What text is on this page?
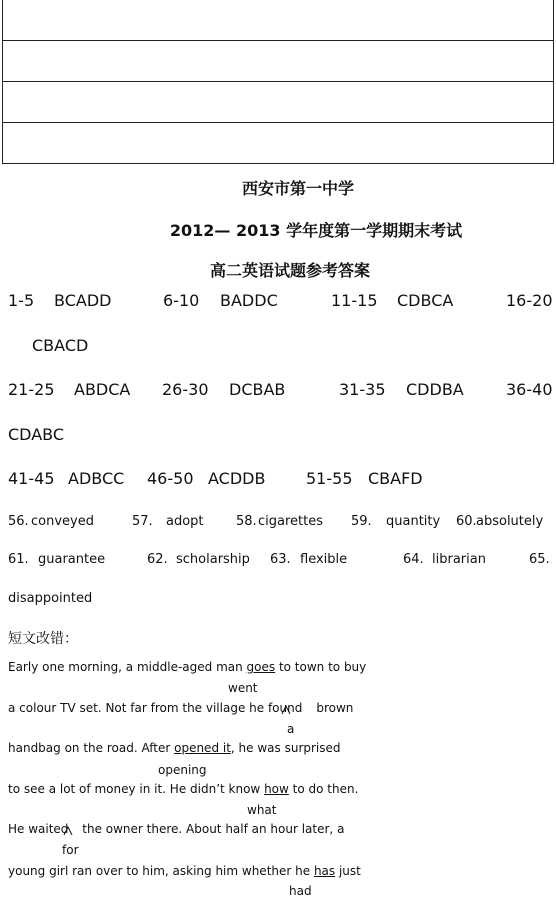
西安市第一中学
2012— 2013 学年度第一学期期末考试
高二英语试题参考答案
1-5 BCADD	6-10 BADDC	11-15 CDBCA	16-20
CBACD
21-25 ABDCA 26-30 DCBAB	31-35 CDDBA	36-40
CDABC
41-45 ADBCC 46-50 ACDDB	51-55 CBAFD
56. conveyed	57. adopt 58. cigarettes 59. quantity 60. absolutely
61. guarantee	62. scholarship 63. flexible	64. librarian	65.
disappointed
短文改错：
Early one morning, a middle-aged man goes to town to buy
went
a colour TV set. Not far from the village he found brown
a
handbag on the road. After opened it, he was surprised
opening
to see a lot of money in it. He didn’t know how to do then.
what
He waited the owner there. About half an hour later, a
for
young girl ran over to him, asking him whether he has just
had
